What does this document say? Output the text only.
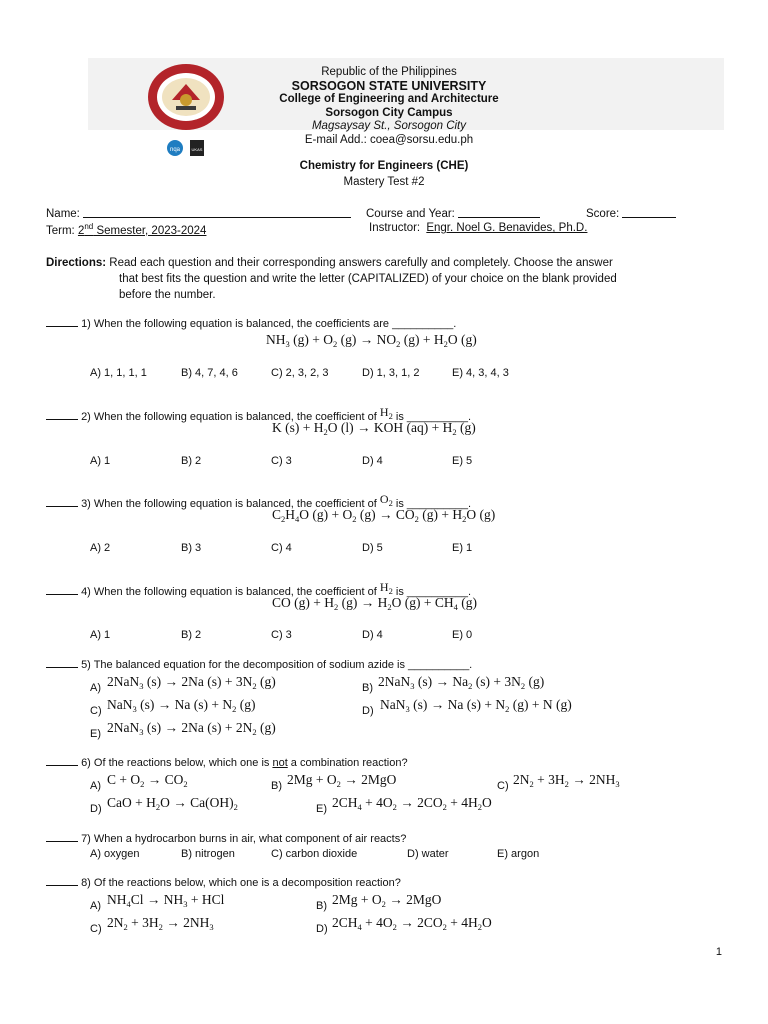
nqa	UKAS
Republic of the Philippines
SORSOGON STATE UNIVERSITY
College of Engineering and Architecture
Sorsogon City Campus
Magsaysay St., Sorsogon City
E-mail Add.: coea@sorsu.edu.ph
Chemistry for Engineers (CHE)
Mastery Test #2
Name:	Course and Year:	Score:
Term: 2nd Semester, 2023-2024	Instructor: Engr. Noel G. Benavides, Ph.D.
Directions: Read each question and their corresponding answers carefully and completely. Choose the answer
that best fits the question and write the letter (CAPITALIZED) of your choice on the blank provided
before the number.
1) When the following equation is balanced, the coefficients are __________.
$NH_3$ $(g) + O_2$ $(g) \to NO_2$ $(g) + H_2O$ (g)
A) 1, 1, 1, 1	B) 4, 7, 4, 6	C) 2, 3, 2, 3	D) 1, 3, 1, 2	E) 4, 3, 4, 3
2) When the following equation is balanced, the coefficient of $H_2$ is __________.
K $(s) + H_2O$ (l) → KOH $(aq) + H_2$ (g)
A) 1	B) 2	C) 3	D) 4	E) 5
3) When the following equation is balanced, the coefficient of $O_2$ is __________.
$C_2H_4O$ $(g) + O_2$ $(g) \to CO_2$ $(g) + H_2O$ (g)
A) 2	B) 3	C) 4	D) 5	E) 1
4) When the following equation is balanced, the coefficient of $H_2$ is __________.
CO $(g) + H_2$ $(g) \to H_2O$ $(g) + CH_4$ (g)
A) 1	B) 2	C) 3	D) 4	E) 0
5) The balanced equation for the decomposition of sodium azide is __________.
A) 2NaN$_3$ (s) → 2Na $(s) + 3N_2$ (g)	B) 2NaN$_3$ $(s) \to Na_2$ $(s) + 3N_2$ (g)
C) NaN$_3$ (s) → Na $(s) + N_2$ (g)	D) NaN$_3$ (s) → Na $(s) + N_2$ (g) + N (g)
E) 2NaN$_3$ (s) → 2Na $(s) + 2N_2$ (g)
6) Of the reactions below, which one is not a combination reaction?
A) $C + O_2 \to CO_2$	B) $2Mg + O_2 \to 2MgO$	C) $2N_2 + 3H_2 \to 2NH_3$
D) CaO + $H_2O \to Ca(OH)_2$	E) $2CH_4 + 4O_2 \to 2CO_2 + 4H_2O$
7) When a hydrocarbon burns in air, what component of air reacts?
A) oxygen	B) nitrogen	C) carbon dioxide	D) water	E) argon
8) Of the reactions below, which one is a decomposition reaction?
A) $NH_4Cl \to NH_3$ + HCl	B) $2Mg + O_2 \to 2MgO$
C) $2N_2 + 3H_2 \to 2NH_3$	D) $2CH_4 + 4O_2 \to 2CO_2 + 4H_2O$
1
